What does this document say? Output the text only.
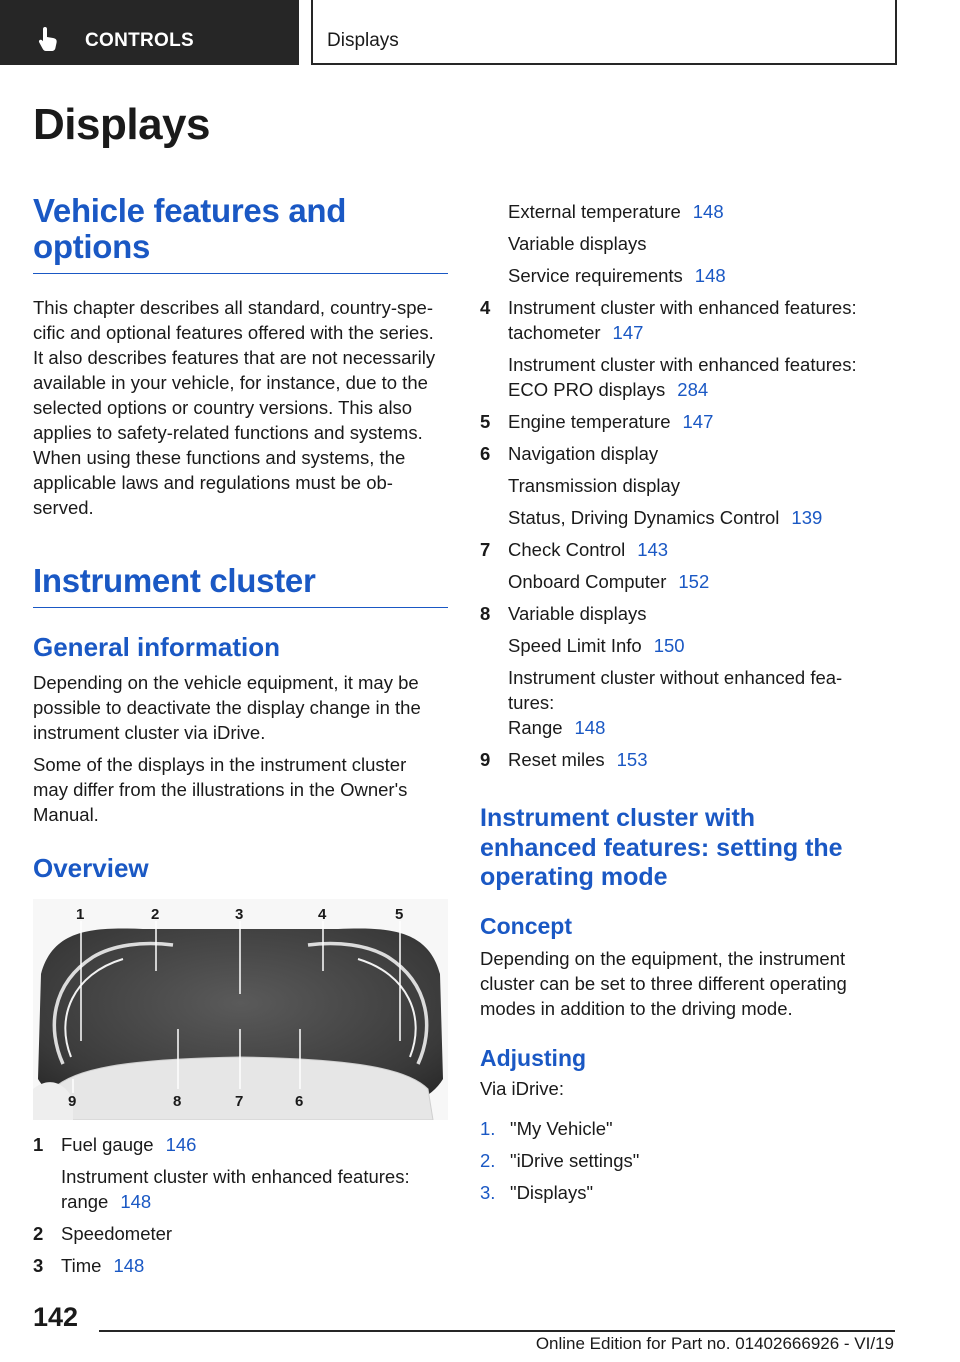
CONTROLS	Displays
Displays
Vehicle features and
options

This chapter describes all standard, country-spe-
cific and optional features offered with the series.
It also describes features that are not necessarily
available in your vehicle, for instance, due to the
selected options or country versions. This also
applies to safety-related functions and systems.
When using these functions and systems, the
applicable laws and regulations must be ob-
served.

Instrument cluster
General information

Depending on the vehicle equipment, it may be
possible to deactivate the display change in the
instrument cluster via iDrive.

Some of the displays in the instrument cluster
may differ from the illustrations in the Owner's
Manual.

Overview
1	2	3	4	5
6
7
8
9
1 Fuel gauge 146
Instrument cluster with enhanced features:
range 148
2 Speedometer
3 Time 148
External temperature 148
Variable displays
Service requirements 148
4 Instrument cluster with enhanced features:
tachometer 147
Instrument cluster with enhanced features:
ECO PRO displays 284
5 Engine temperature 147
6 Navigation display
Transmission display
Status, Driving Dynamics Control 139
7 Check Control 143
Onboard Computer 152
8 Variable displays
Speed Limit Info 150
Instrument cluster without enhanced fea-
tures:
Range 148
9 Reset miles 153
Instrument cluster with
enhanced features: setting the
operating mode
Concept

Depending on the equipment, the instrument
cluster can be set to three different operating
modes in addition to the driving mode.

Adjusting

Via iDrive:

1. "My Vehicle"
2. "iDrive settings"
3. "Displays"
142
Online Edition for Part no. 01402666926 - VI/19
